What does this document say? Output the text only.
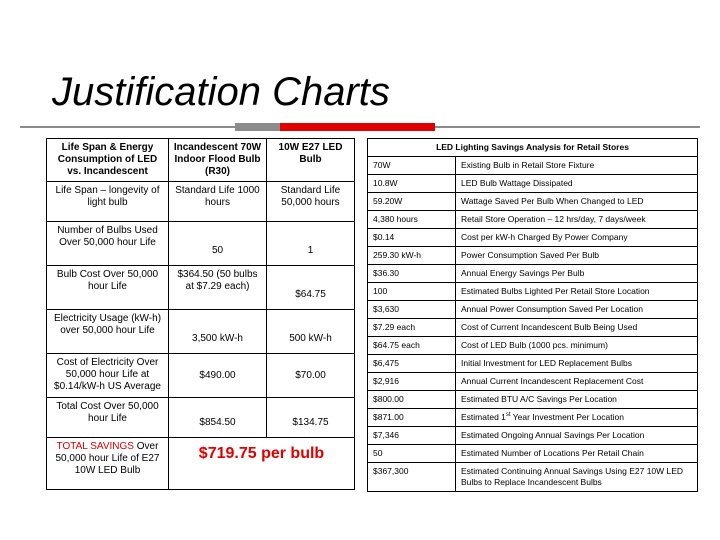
Justification Charts
Life Span & Energy Consumption of LED vs. Incandescent	Incandescent 70W Indoor Flood Bulb (R30)	10W E27 LED Bulb
Life Span – longevity of light bulb	Standard Life 1000 hours	Standard Life 50,000 hours
Number of Bulbs Used Over 50,000 hour Life	50	1
Bulb Cost Over 50,000 hour Life	$364.50 (50 bulbs at $7.29 each)	$64.75
Electricity Usage (kW-h) over 50,000 hour Life	3,500 kW-h	500 kW-h
Cost of Electricity Over 50,000 hour Life at $0.14/kW-h US Average	$490.00	$70.00
Total Cost Over 50,000 hour Life	$854.50	$134.75
TOTAL SAVINGS Over 50,000 hour Life of E27 10W LED Bulb	$719.75 per bulb	
LED Lighting Savings Analysis for Retail Stores	
70W	Existing Bulb in Retail Store Fixture
10.8W	LED Bulb Wattage Dissipated
59.20W	Wattage Saved Per Bulb When Changed to LED
4,380 hours	Retail Store Operation – 12 hrs/day, 7 days/week
$0.14	Cost per kW-h Charged By Power Company
259.30 kW-h	Power Consumption Saved Per Bulb
$36.30	Annual Energy Savings Per Bulb
100	Estimated Bulbs Lighted Per Retail Store Location
$3,630	Annual Power Consumption Saved Per Location
$7.29 each	Cost of Current Incandescent Bulb Being Used
$64.75 each	Cost of LED Bulb (1000 pcs. minimum)
$6,475	Initial Investment for LED Replacement Bulbs
$2,916	Annual Current Incandescent Replacement Cost
$800.00	Estimated BTU A/C Savings Per Location
$871.00	Estimated 1st Year Investment Per Location
$7,346	Estimated Ongoing Annual Savings Per Location
50	Estimated Number of Locations Per Retail Chain
$367,300	Estimated Continuing Annual Savings Using E27 10W LED Bulbs to Replace Incandescent Bulbs
